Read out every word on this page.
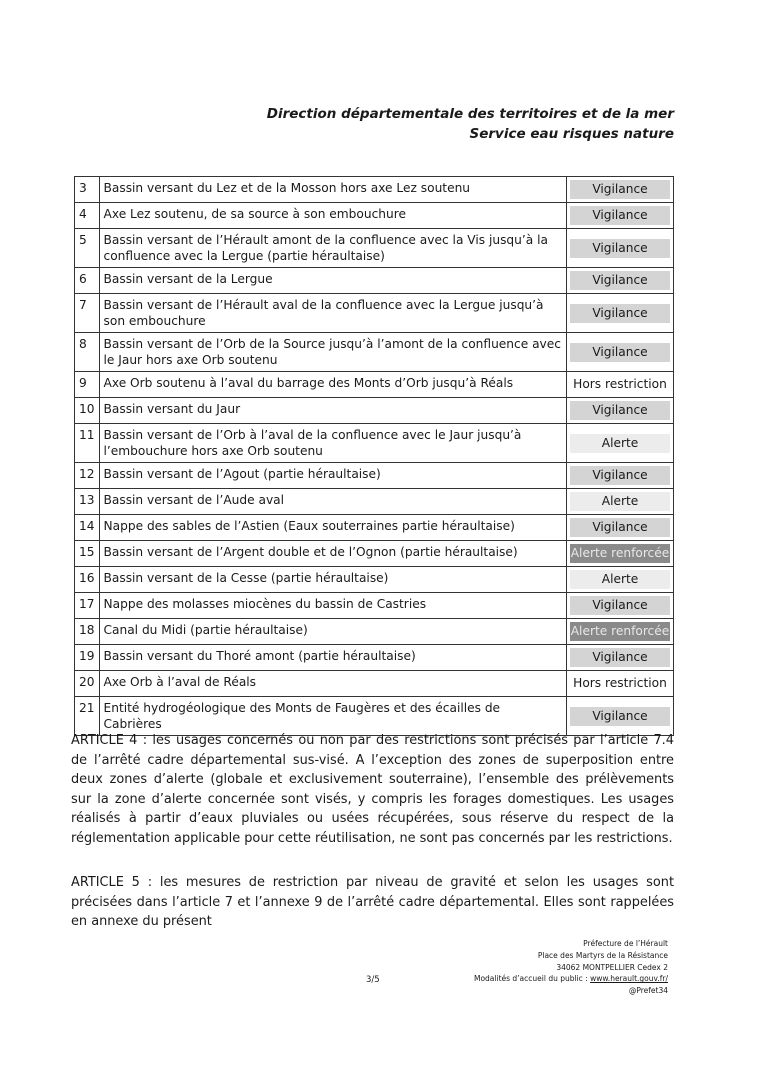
Direction départementale des territoires et de la mer
Service eau risques nature
3	Bassin versant du Lez et de la Mosson hors axe Lez soutenu	Vigilance
4	Axe Lez soutenu, de sa source à son embouchure	Vigilance
5	Bassin versant de l’Hérault amont de la confluence avec la Vis jusqu’à la confluence avec la Lergue (partie héraultaise)	Vigilance
6	Bassin versant de la Lergue	Vigilance
7	Bassin versant de l’Hérault aval de la confluence avec la Lergue jusqu’à son embouchure	Vigilance
8	Bassin versant de l’Orb de la Source jusqu’à l’amont de la confluence avec le Jaur hors axe Orb soutenu	Vigilance
9	Axe Orb soutenu à l’aval du barrage des Monts d’Orb jusqu’à Réals	Hors restriction
10	Bassin versant du Jaur	Vigilance
11	Bassin versant de l’Orb à l’aval de la confluence avec le Jaur jusqu’à l’embouchure hors axe Orb soutenu	Alerte
12	Bassin versant de l’Agout (partie héraultaise)	Vigilance
13	Bassin versant de l’Aude aval	Alerte
14	Nappe des sables de l’Astien (Eaux souterraines partie héraultaise)	Vigilance
15	Bassin versant de l’Argent double et de l’Ognon (partie héraultaise)	Alerte renforcée
16	Bassin versant de la Cesse (partie héraultaise)	Alerte
17	Nappe des molasses miocènes du bassin de Castries	Vigilance
18	Canal du Midi (partie héraultaise)	Alerte renforcée
19	Bassin versant du Thoré amont (partie héraultaise)	Vigilance
20	Axe Orb à l’aval de Réals	Hors restriction
21	Entité hydrogéologique des Monts de Faugères et des écailles de Cabrières	Vigilance
ARTICLE 4 : les usages concernés ou non par des restrictions sont précisés par l’article 7.4 de l’arrêté cadre départemental sus-visé. A l’exception des zones de superposition entre deux zones d’alerte (globale et exclusivement souterraine), l’ensemble des prélèvements sur la zone d’alerte concernée sont visés, y compris les forages domestiques. Les usages réalisés à partir d’eaux pluviales ou usées récupérées, sous réserve du respect de la réglementation applicable pour cette réutilisation, ne sont pas concernés par les restrictions.
ARTICLE 5 : les mesures de restriction par niveau de gravité et selon les usages sont précisées dans l’article 7 et l’annexe 9 de l’arrêté cadre départemental. Elles sont rappelées en annexe du présent
3/5
Préfecture de l’Hérault
Place des Martyrs de la Résistance
34062 MONTPELLIER Cedex 2
Modalités d’accueil du public : www.herault.gouv.fr/
@Prefet34
